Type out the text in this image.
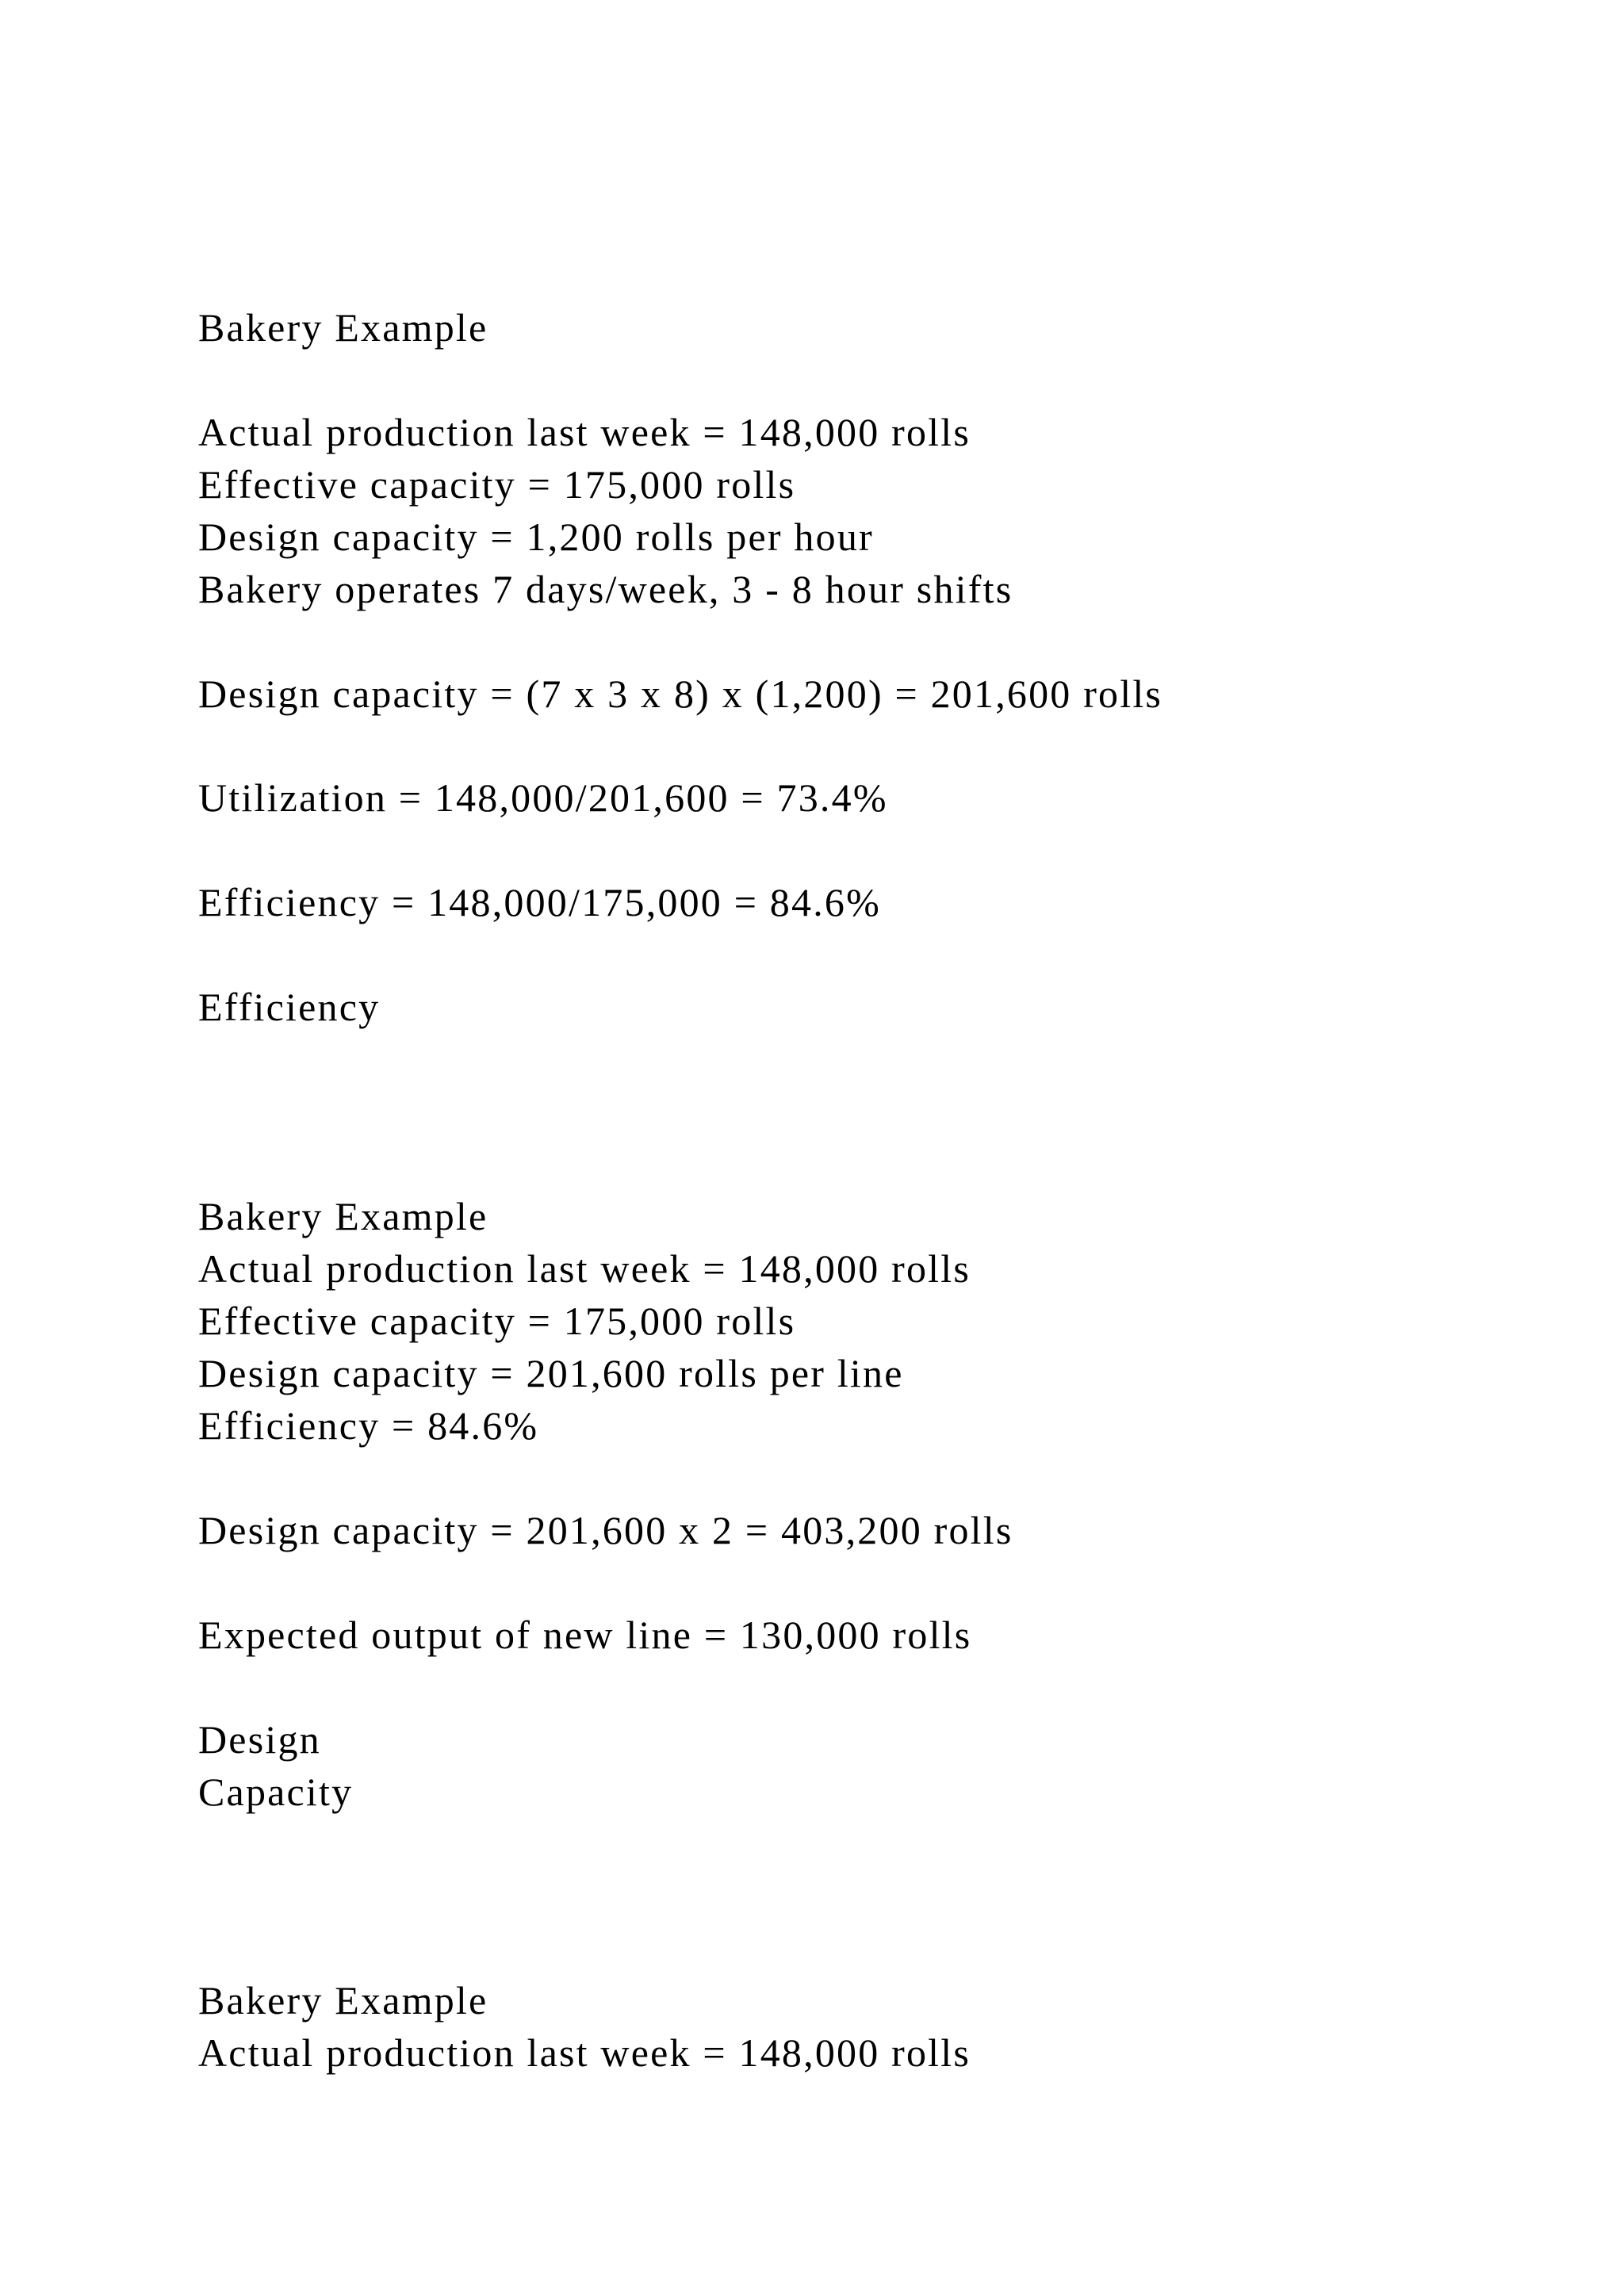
Bakery Example

Actual production last week = 148,000 rolls

Effective capacity = 175,000 rolls

Design capacity = 1,200 rolls per hour

Bakery operates 7 days/week, 3 - 8 hour shifts

Design capacity = (7 x 3 x 8) x (1,200) = 201,600 rolls

Utilization = 148,000/201,600 = 73.4%

Efficiency = 148,000/175,000 = 84.6%

Efficiency

Bakery Example

Actual production last week = 148,000 rolls

Effective capacity = 175,000 rolls

Design capacity = 201,600 rolls per line

Efficiency = 84.6%

Design capacity = 201,600 x 2 = 403,200 rolls

Expected output of new line = 130,000 rolls

Design

Capacity

Bakery Example

Actual production last week = 148,000 rolls
